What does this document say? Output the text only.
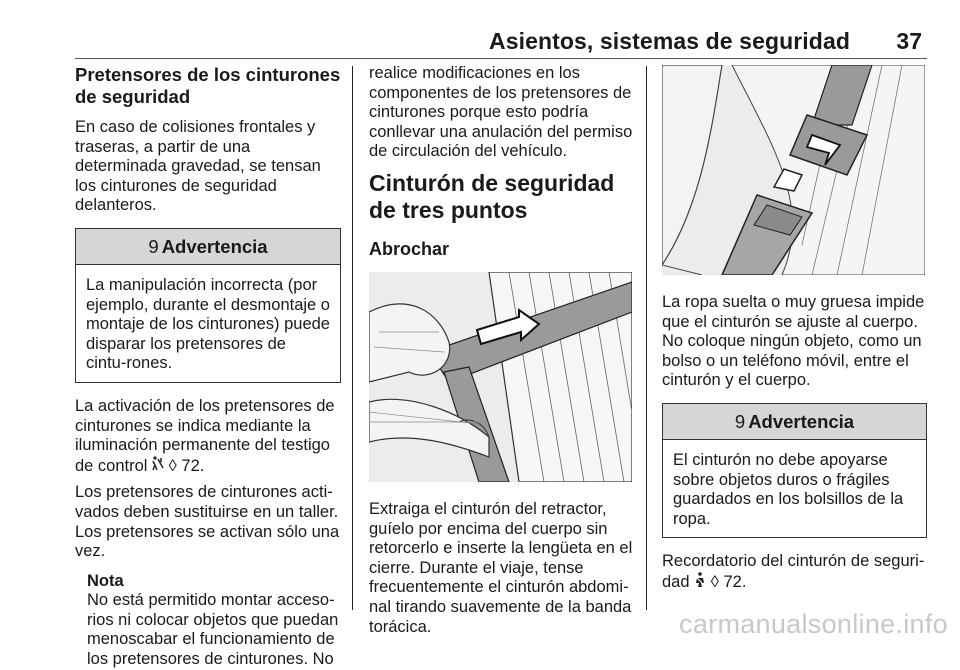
Asientos, sistemas de seguridad 37
Pretensores de los cinturones de seguridad

En caso de colisiones frontales y traseras, a partir de una determinada gravedad, se tensan los cinturones de seguridad delanteros.

9 Advertencia

La manipulación incorrecta (por ejemplo, durante el desmontaje o montaje de los cinturones) puede disparar los pretensores de cintu‐rones.

La activación de los pretensores de cinturones se indica mediante la iluminación permanente del testigo de control  ◊ 72.

Los pretensores de cinturones acti‐vados deben sustituirse en un taller. Los pretensores se activan sólo una vez.

Nota

No está permitido montar acceso‐rios ni colocar objetos que puedan menoscabar el funcionamiento de los pretensores de cinturones. No

realice modificaciones en los componentes de los pretensores de cinturones porque esto podría conllevar una anulación del permiso de circulación del vehículo.

Cinturón de seguridad de tres puntos
Abrochar

Extraiga el cinturón del retractor, guíelo por encima del cuerpo sin retorcerlo e inserte la lengüeta en el cierre. Durante el viaje, tense frecuentemente el cinturón abdomi‐nal tirando suavemente de la banda torácica.

La ropa suelta o muy gruesa impide que el cinturón se ajuste al cuerpo. No coloque ningún objeto, como un bolso o un teléfono móvil, entre el cinturón y el cuerpo.

9 Advertencia

El cinturón no debe apoyarse sobre objetos duros o frágiles guardados en los bolsillos de la ropa.

Recordatorio del cinturón de seguri‐dad  ◊ 72.

carmanualsonline.info
